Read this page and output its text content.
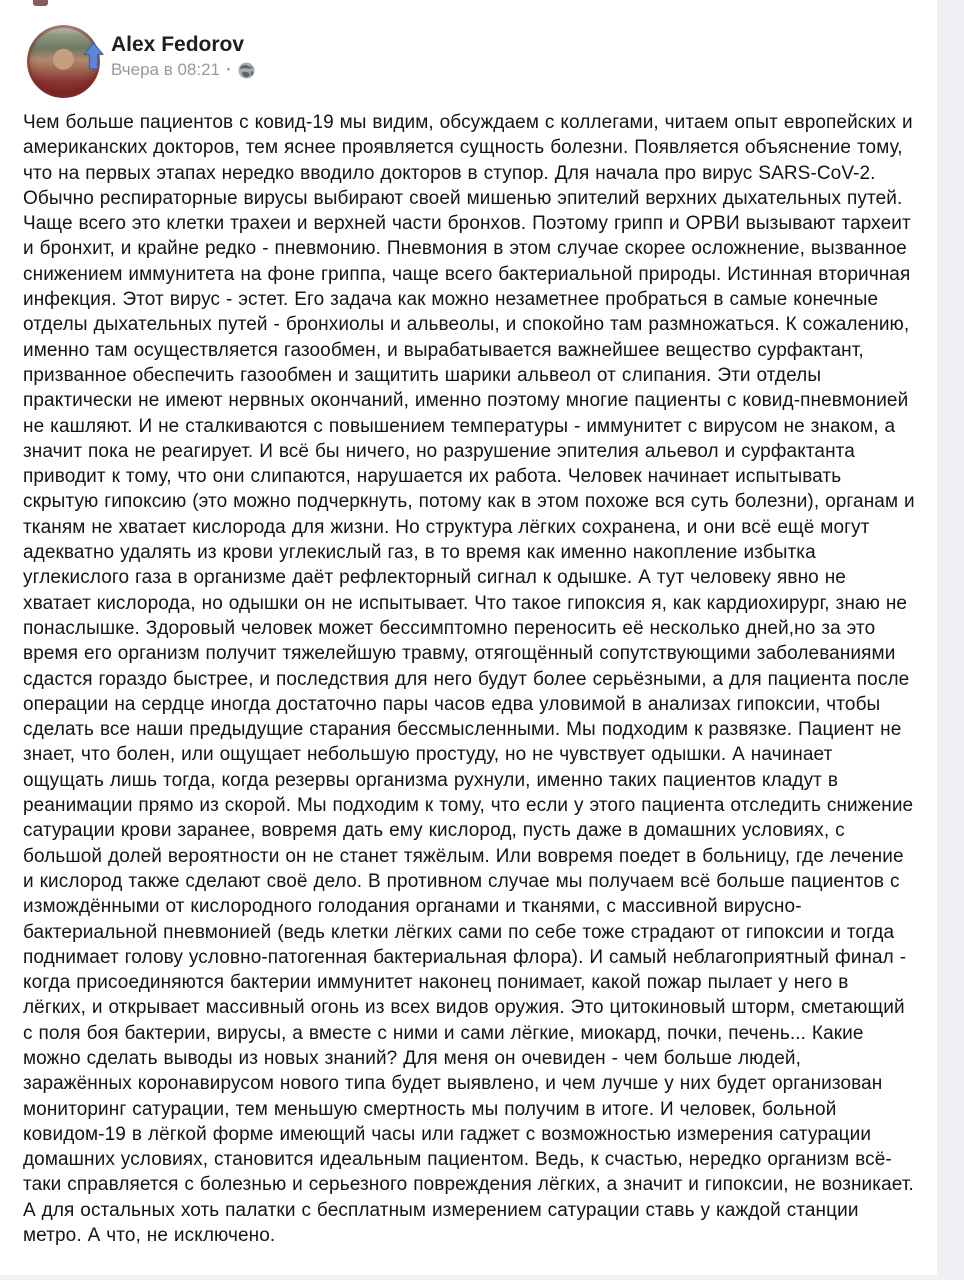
Alex Fedorov
Вчера в 08:21 ·
Чем больше пациентов с ковид-19 мы видим, обсуждаем с коллегами, читаем опыт европейских и американских докторов, тем яснее проявляется сущность болезни. Появляется объяснение тому, что на первых этапах нередко вводило докторов в ступор. Для начала про вирус SARS-CoV-2. Обычно респираторные вирусы выбирают своей мишенью эпителий верхних дыхательных путей. Чаще всего это клетки трахеи и верхней части бронхов. Поэтому грипп и ОРВИ вызывают тархеит и бронхит, и крайне редко - пневмонию. Пневмония в этом случае скорее осложнение, вызванное снижением иммунитета на фоне гриппа, чаще всего бактериальной природы. Истинная вторичная инфекция. Этот вирус - эстет. Его задача как можно незаметнее пробраться в самые конечные отделы дыхательных путей - бронхиолы и альвеолы, и спокойно там размножаться. К сожалению, именно там осуществляется газообмен, и вырабатывается важнейшее вещество сурфактант, призванное обеспечить газообмен и защитить шарики альвеол от слипания. Эти отделы практически не имеют нервных окончаний, именно поэтому многие пациенты с ковид-пневмонией не кашляют. И не сталкиваются с повышением температуры - иммунитет с вирусом не знаком, а значит пока не реагирует. И всё бы ничего, но разрушение эпителия альевол и сурфактанта приводит к тому, что они слипаются, нарушается их работа. Человек начинает испытывать скрытую гипоксию (это можно подчеркнуть, потому как в этом похоже вся суть болезни), органам и тканям не хватает кислорода для жизни. Но структура лёгких сохранена, и они всё ещё могут адекватно удалять из крови углекислый газ, в то время как именно накопление избытка углекислого газа в организме даёт рефлекторный сигнал к одышке. А тут человеку явно не хватает кислорода, но одышки он не испытывает. Что такое гипоксия я, как кардиохирург, знаю не понаслышке. Здоровый человек может бессимптомно переносить её несколько дней,но за это время его организм получит тяжелейшую травму, отягощённый сопутствующими заболеваниями сдастся гораздо быстрее, и последствия для него будут более серьёзными, а для пациента после операции на сердце иногда достаточно пары часов едва уловимой в анализах гипоксии, чтобы сделать все наши предыдущие старания бессмысленными. Мы подходим к развязке. Пациент не знает, что болен, или ощущает небольшую простуду, но не чувствует одышки. А начинает ощущать лишь тогда, когда резервы организма рухнули, именно таких пациентов кладут в реанимации прямо из скорой. Мы подходим к тому, что если у этого пациента отследить снижение сатурации крови заранее, вовремя дать ему кислород, пусть даже в домашних условиях, с большой долей вероятности он не станет тяжёлым. Или вовремя поедет в больницу, где лечение и кислород также сделают своё дело. В противном случае мы получаем всё больше пациентов с измождёнными от кислородного голодания органами и тканями, с массивной вирусно-бактериальной пневмонией (ведь клетки лёгких сами по себе тоже страдают от гипоксии и тогда поднимает голову условно-патогенная бактериальная флора). И самый неблагоприятный финал - когда присоединяются бактерии иммунитет наконец понимает, какой пожар пылает у него в лёгких, и открывает массивный огонь из всех видов оружия. Это цитокиновый шторм, сметающий с поля боя бактерии, вирусы, а вместе с ними и сами лёгкие, миокард, почки, печень... Какие можно сделать выводы из новых знаний? Для меня он очевиден - чем больше людей, заражённых коронавирусом нового типа будет выявлено, и чем лучше у них будет организован мониторинг сатурации, тем меньшую смертность мы получим в итоге. И человек, больной ковидом-19 в лёгкой форме имеющий часы или гаджет с возможностью измерения сатурации домашних условиях, становится идеальным пациентом. Ведь, к счастью, нередко организм всё-таки справляется с болезнью и серьезного повреждения лёгких, а значит и гипоксии, не возникает. А для остальных хоть палатки с бесплатным измерением сатурации ставь у каждой станции метро. А что, не исключено.
